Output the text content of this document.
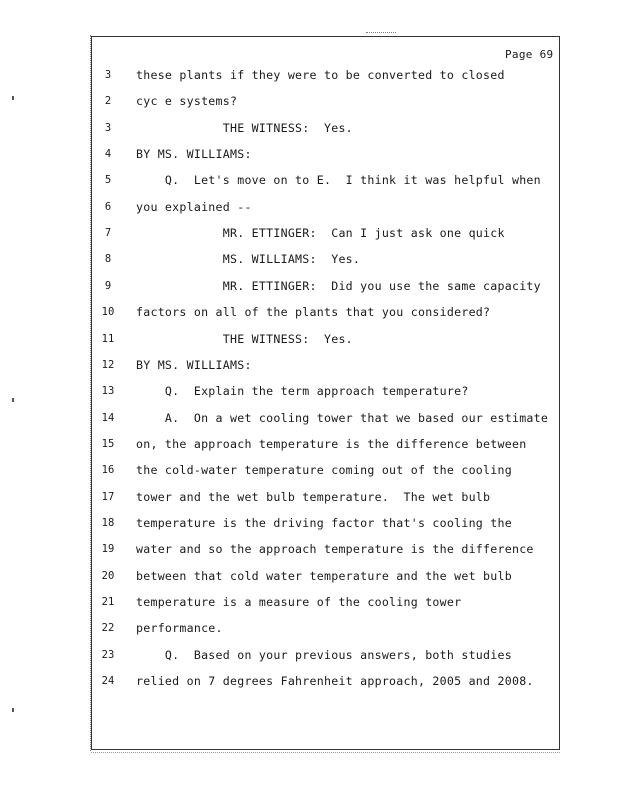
Page 69
3	these plants if they were to be converted to closed
2	cyc e systems?
3	THE WITNESS:  Yes.
4	BY MS. WILLIAMS:
5	Q.  Let's move on to E.  I think it was helpful when
6	you explained --
7	MR. ETTINGER:  Can I just ask one quick
8	MS. WILLIAMS:  Yes.
9	MR. ETTINGER:  Did you use the same capacity
10	factors on all of the plants that you considered?
11	THE WITNESS:  Yes.
12	BY MS. WILLIAMS:
13	Q.  Explain the term approach temperature?
14	A.  On a wet cooling tower that we based our estimate
15	on, the approach temperature is the difference between
16	the cold-water temperature coming out of the cooling
17	tower and the wet bulb temperature.  The wet bulb
18	temperature is the driving factor that's cooling the
19	water and so the approach temperature is the difference
20	between that cold water temperature and the wet bulb
21	temperature is a measure of the cooling tower
22	performance.
23	Q.  Based on your previous answers, both studies
24	relied on 7 degrees Fahrenheit approach, 2005 and 2008.
